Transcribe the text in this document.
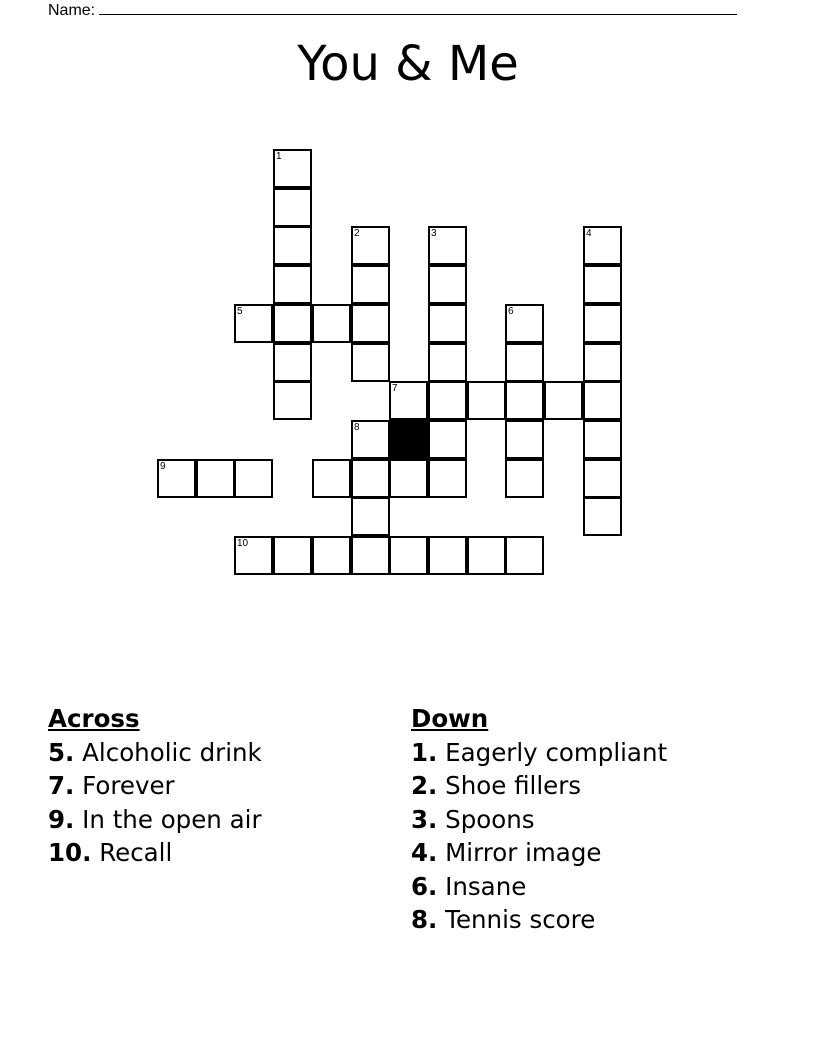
Name:
You & Me
1
2	3	4
5	6
7
8
9
10
Across
5. Alcoholic drink
7. Forever
9. In the open air
10. Recall
Down
1. Eagerly compliant
2. Shoe fillers
3. Spoons
4. Mirror image
6. Insane
8. Tennis score
